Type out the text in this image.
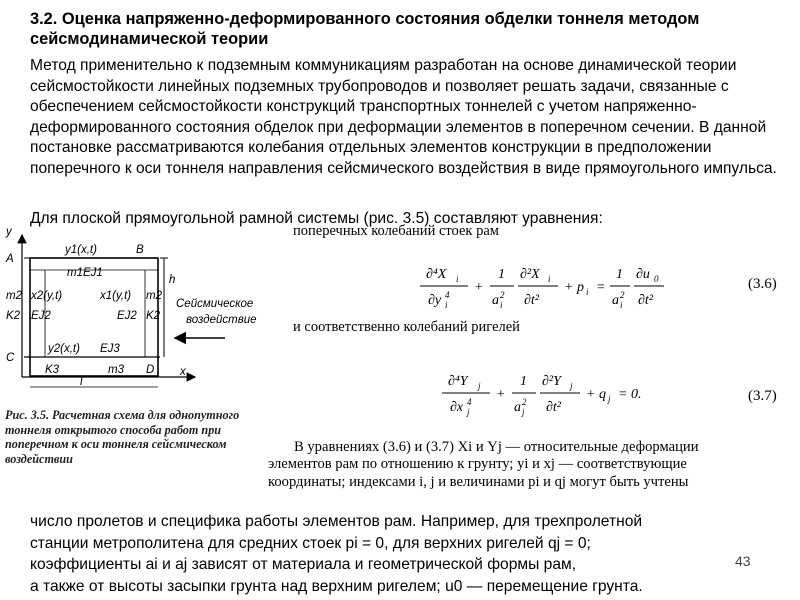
3.2. Оценка напряженно-деформированного состояния обделки тоннеля методом сейсмодинамической теории
Метод применительно к подземным коммуникациям разработан на основе динамической теории сейсмостойкости линейных подземных трубопроводов и позволяет решать задачи, связанные с обеспечением сейсмостойкости конструкций транспортных тоннелей с учетом напряженно-деформированного состояния обделок при деформации элементов в поперечном сечении. В данной постановке рассматриваются колебания отдельных элементов конструкции в предположении поперечного к оси тоннеля направления сейсмического воздействия в виде прямоугольного импульса.
Для плоской прямоугольной рамной системы (рис. 3.5) составляют уравнения:
y
A
B
C
D x
y1(x,t)
m1EJ1
m2
K2
x2(y,t)
EJ2
x1(y,t)
EJ2
m2
K2
h
y2(x,t) EJ3
K3
l
m3
Сейсмическое
воздействие
Рис. 3.5. Расчетная схема для однопутного тоннеля открытого способа работ при поперечном к оси тоннеля сейсмическом воздействии
поперечных колебаний стоек рам
∂⁴X i
∂y i
4 +
1
a i
2
∂²X i
∂t²
+ p i =
1
a i
2
∂u 0
∂t²
(3.6)
и соответственно колебаний ригелей
∂⁴Y j
∂x j
4 +
1
a j
2
∂²Y j
∂t²
+ q j = 0.	(3.7)
В уравнениях (3.6) и (3.7) Xi и Yj — относительные деформации
элементов рам по отношению к грунту; yi и xj — соответствующие
координаты; индексами i, j и величинами pi и qj могут быть учтены
число пролетов и специфика работы элементов рам. Например, для трехпролетной
станции метрополитена для средних стоек pi = 0, для верхних ригелей qj = 0;
коэффициенты ai и aj зависят от материала и геометрической формы рам,
а также от высоты засыпки грунта над верхним ригелем; u0 — перемещение грунта.
43
